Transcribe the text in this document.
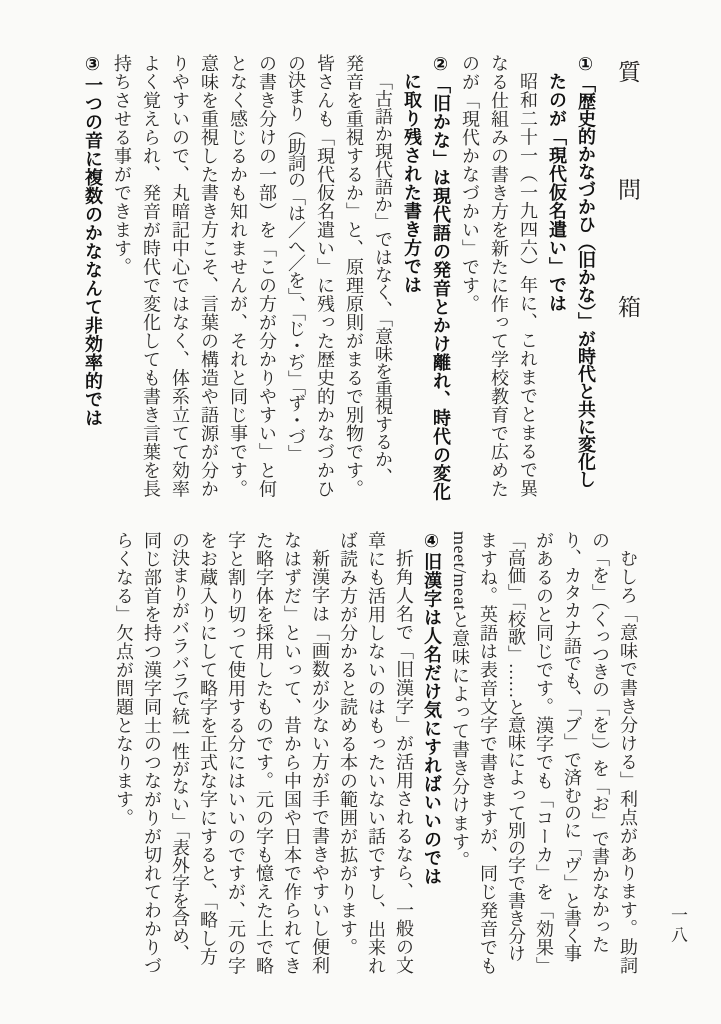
質　問　箱
①「歴史的かなづかひ（旧かな）」が時代と共に変化し
たのが「現代仮名遣い」では
昭和二十一（一九四六）年に、これまでとまるで異
なる仕組みの書き方を新たに作って学校教育で広めた
のが「現代かなづかい」です。
②「旧かな」は現代語の発音とかけ離れ、時代の変化
に取り残された書き方では
「古語か現代語か」ではなく、「意味を重視するか、
発音を重視するか」と、原理原則がまるで別物です。
皆さんも「現代仮名遣い」に残った歴史的かなづかひ
の決まり（助詞の「は／へ／を」、「じ・ぢ」「ず・づ」
の書き分けの一部）を「この方が分かりやすい」と何
となく感じるかも知れませんが、それと同じ事です。
意味を重視した書き方こそ、言葉の構造や語源が分か
りやすいので、丸暗記中心ではなく、体系立てて効率
よく覚えられ、発音が時代で変化しても書き言葉を長
持ちさせる事ができます。
③一つの音に複数のかななんて非効率的では
むしろ「意味で書き分ける」利点があります。助詞
の「を」（くっつきの「を」）を「お」で書かなかった
り、カタカナ語でも、「ブ」で済むのに「ヴ」と書く事
があるのと同じです。漢字でも「コーカ」を「効果」
「高価」「校歌」……と意味によって別の字で書き分け
ますね。英語は表音文字で書きますが、同じ発音でも
meet/meatと意味によって書き分けます。
④旧漢字は人名だけ気にすればいいのでは
折角人名で「旧漢字」が活用されるなら、一般の文
章にも活用しないのはもったいない話ですし、出来れ
ば読み方が分かると読める本の範囲が拡がります。
新漢字は「画数が少ない方が手で書きやすいし便利
なはずだ」といって、昔から中国や日本で作られてき
た略字体を採用したものです。元の字も憶えた上で略
字と割り切って使用する分にはいいのですが、元の字
をお蔵入りにして略字を正式な字にすると、「略し方
の決まりがバラバラで統一性がない」「表外字を含め、
同じ部首を持つ漢字同士のつながりが切れてわかりづ
らくなる」欠点が問題となります。
一八
